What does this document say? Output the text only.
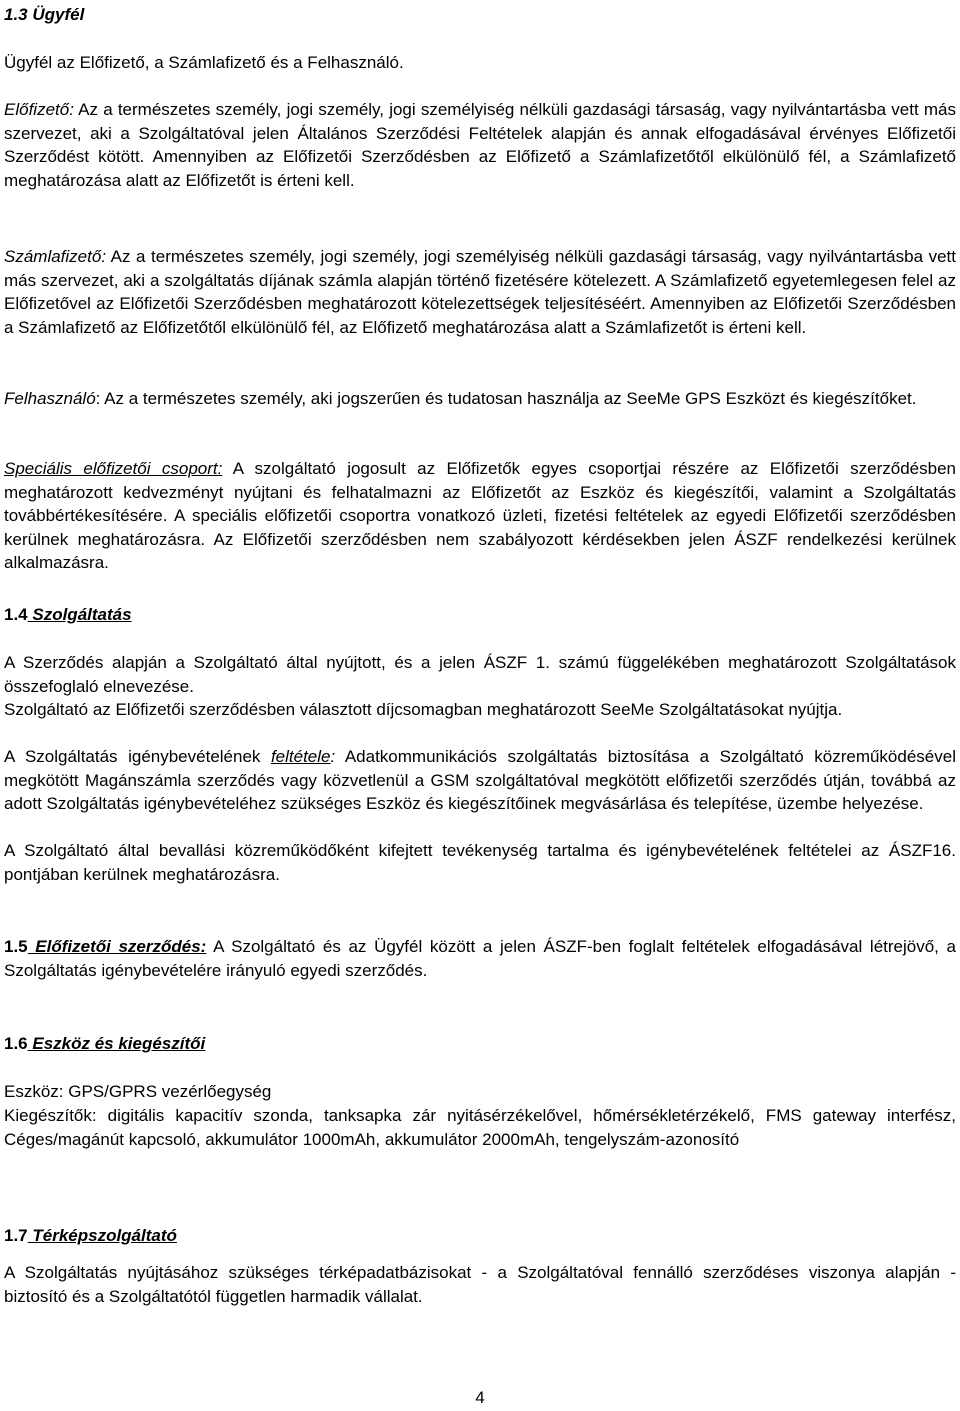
1.3 Ügyfél
Ügyfél az Előfizető, a Számlafizető és a Felhasználó.
Előfizető: Az a természetes személy, jogi személy, jogi személyiség nélküli gazdasági társaság, vagy nyilvántartásba vett más szervezet, aki a Szolgáltatóval jelen Általános Szerződési Feltételek alapján és annak elfogadásával érvényes Előfizetői Szerződést kötött. Amennyiben az Előfizetői Szerződésben az Előfizető a Számlafizetőtől elkülönülő fél, a Számlafizető meghatározása alatt az Előfizetőt is érteni kell.
Számlafizető: Az a természetes személy, jogi személy, jogi személyiség nélküli gazdasági társaság, vagy nyilvántartásba vett más szervezet, aki a szolgáltatás díjának számla alapján történő fizetésére kötelezett. A Számlafizető egyetemlegesen felel az Előfizetővel az Előfizetői Szerződésben meghatározott kötelezettségek teljesítéséért. Amennyiben az Előfizetői Szerződésben a Számlafizető az Előfizetőtől elkülönülő fél, az Előfizető meghatározása alatt a Számlafizetőt is érteni kell.
Felhasználó: Az a természetes személy, aki jogszerűen és tudatosan használja az SeeMe GPS Eszközt és kiegészítőket.
Speciális előfizetői csoport: A szolgáltató jogosult az Előfizetők egyes csoportjai részére az Előfizetői szerződésben meghatározott kedvezményt nyújtani és felhatalmazni az Előfizetőt az Eszköz és kiegészítői, valamint a Szolgáltatás továbbértékesítésére. A speciális előfizetői csoportra vonatkozó üzleti, fizetési feltételek az egyedi Előfizetői szerződésben kerülnek meghatározásra. Az Előfizetői szerződésben nem szabályozott kérdésekben jelen ÁSZF rendelkezési kerülnek alkalmazásra.
1.4 Szolgáltatás
A Szerződés alapján a Szolgáltató által nyújtott, és a jelen ÁSZF 1. számú függelékében meghatározott Szolgáltatások összefoglaló elnevezése.
Szolgáltató az Előfizetői szerződésben választott díjcsomagban meghatározott SeeMe Szolgáltatásokat nyújtja.
A Szolgáltatás igénybevételének feltétele: Adatkommunikációs szolgáltatás biztosítása a Szolgáltató közreműködésével megkötött Magánszámla szerződés vagy közvetlenül a GSM szolgáltatóval megkötött előfizetői szerződés útján, továbbá az adott Szolgáltatás igénybevételéhez szükséges Eszköz és kiegészítőinek megvásárlása és telepítése, üzembe helyezése.
A Szolgáltató által bevallási közreműködőként kifejtett tevékenység tartalma és igénybevételének feltételei az ÁSZF16. pontjában kerülnek meghatározásra.
1.5 Előfizetői szerződés: A Szolgáltató és az Ügyfél között a jelen ÁSZF-ben foglalt feltételek elfogadásával létrejövő, a Szolgáltatás igénybevételére irányuló egyedi szerződés.
1.6 Eszköz és kiegészítői
Eszköz: GPS/GPRS vezérlőegység
Kiegészítők: digitális kapacitív szonda, tanksapka zár nyitásérzékelővel, hőmérsékletérzékelő, FMS gateway interfész, Céges/magánút kapcsoló, akkumulátor 1000mAh, akkumulátor 2000mAh, tengelyszám-azonosító
1.7 Térképszolgáltató
A Szolgáltatás nyújtásához szükséges térképadatbázisokat - a Szolgáltatóval fennálló szerződéses viszonya alapján - biztosító és a Szolgáltatótól független harmadik vállalat.
4
